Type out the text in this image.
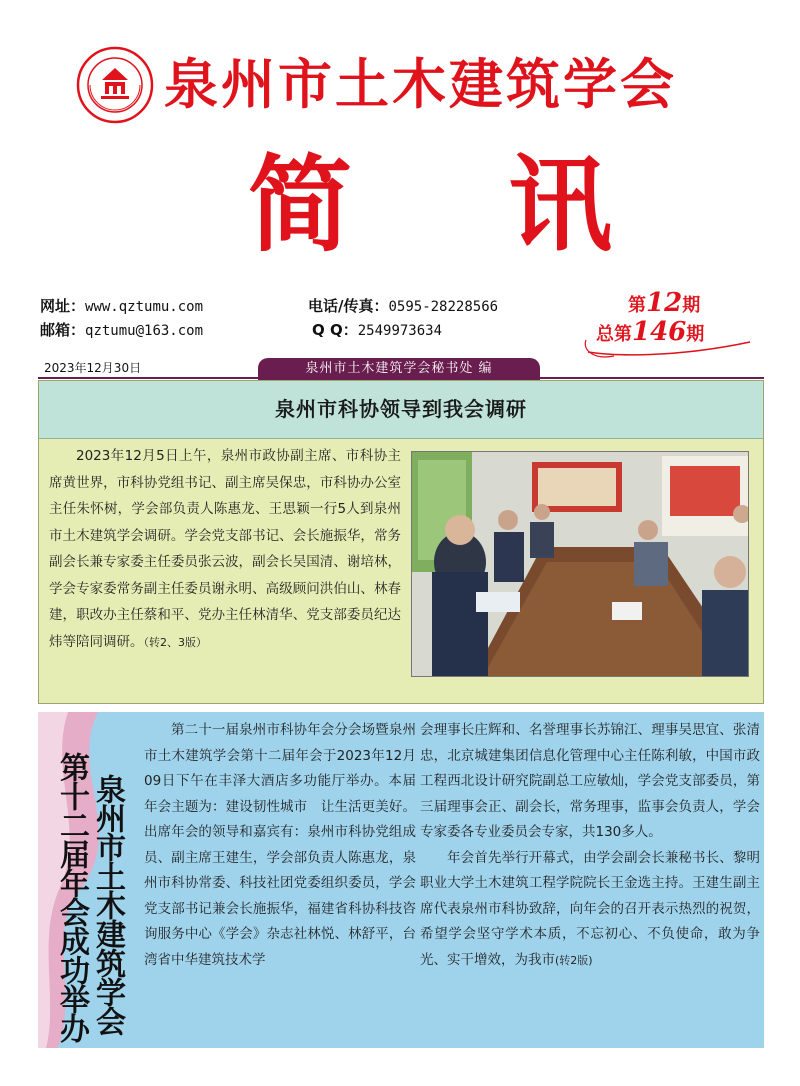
泉州市土木建筑学会
简 讯
网址：www.qztumu.com
邮箱：qztumu@163.com
电话/传真：0595-28228566
Q Q：2549973634
第12期
总第146期
2023年12月30日	泉州市土木建筑学会秘书处 编
泉州市科协领导到我会调研
2023年12月5日上午，泉州市政协副主席、市科协主席黄世界，市科协党组书记、副主席吴保忠，市科协办公室主任朱怀树，学会部负责人陈惠龙、王思颖一行5人到泉州市土木建筑学会调研。学会党支部书记、会长施振华，常务副会长兼专家委主任委员张云波，副会长吴国清、谢培林，学会专家委常务副主任委员谢永明、高级顾问洪伯山、林春建，职改办主任蔡和平、党办主任林清华、党支部委员纪达炜等陪同调研。（转2、3版）
泉州市土木建筑学会
第十二届年会成功举办

第二十一届泉州市科协年会分会场暨泉州市土木建筑学会第十二届年会于2023年12月09日下午在丰泽大酒店多功能厅举办。本届年会主题为：建设韧性城市　让生活更美好。出席年会的领导和嘉宾有：泉州市科协党组成员、副主席王建生，学会部负责人陈惠龙，泉州市科协常委、科技社团党委组织委员，学会党支部书记兼会长施振华，福建省科协科技咨询服务中心《学会》杂志社林悦、林舒平，台湾省中华建筑技术学

会理事长庄辉和、名誉理事长苏锦江、理事吴思宜、张清忠，北京城建集团信息化管理中心主任陈利敏，中国市政工程西北设计研究院副总工应敏灿，学会党支部委员，第三届理事会正、副会长，常务理事，监事会负责人，学会专家委各专业委员会专家，共130多人。

年会首先举行开幕式，由学会副会长兼秘书长、黎明职业大学土木建筑工程学院院长王金选主持。王建生副主席代表泉州市科协致辞，向年会的召开表示热烈的祝贺，希望学会坚守学术本质，不忘初心、不负使命，敢为争光、实干增效，为我市(转2版)
